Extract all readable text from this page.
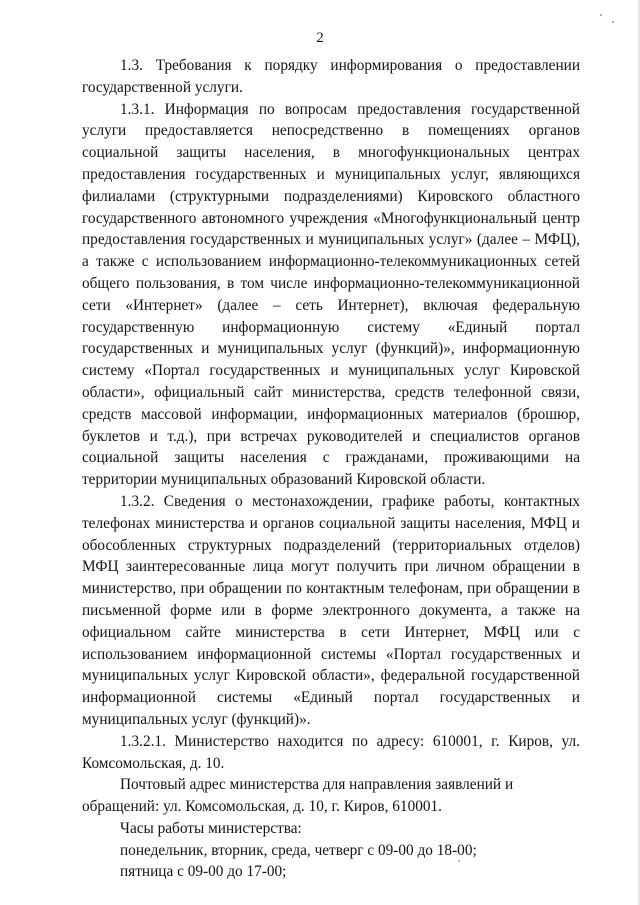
2

1.3. Требования к порядку информирования о предоставлении государственной услуги.

1.3.1. Информация по вопросам предоставления государственной услуги предоставляется непосредственно в помещениях органов социальной защиты населения, в многофункциональных центрах предоставления государственных и муниципальных услуг, являющихся филиалами (структурными подразделениями) Кировского областного государственного автономного учреждения «Многофункциональный центр предоставления государственных и муниципальных услуг» (далее – МФЦ), а также с использованием информационно-телекоммуникационных сетей общего пользования, в том числе информационно-телекоммуникационной сети «Интернет» (далее – сеть Интернет), включая федеральную государственную информационную систему «Единый портал государственных и муниципальных услуг (функций)», информационную систему «Портал государственных и муниципальных услуг Кировской области», официальный сайт министерства, средств телефонной связи, средств массовой информации, информационных материалов (брошюр, буклетов и т.д.), при встречах руководителей и специалистов органов социальной защиты населения с гражданами, проживающими на территории муниципальных образований Кировской области.

1.3.2. Сведения о местонахождении, графике работы, контактных телефонах министерства и органов социальной защиты населения, МФЦ и обособленных структурных подразделений (территориальных отделов) МФЦ заинтересованные лица могут получить при личном обращении в министерство, при обращении по контактным телефонам, при обращении в письменной форме или в форме электронного документа, а также на официальном сайте министерства в сети Интернет, МФЦ или с использованием информационной системы «Портал государственных и муниципальных услуг Кировской области», федеральной государственной информационной системы «Единый портал государственных и муниципальных услуг (функций)».

1.3.2.1. Министерство находится по адресу: 610001, г. Киров, ул. Комсомольская, д. 10.

Почтовый адрес министерства для направления заявлений и обращений: ул. Комсомольская, д. 10, г. Киров, 610001.

Часы работы министерства:

понедельник, вторник, среда, четверг с 09-00 до 18-00;

пятница с 09-00 до 17-00;
